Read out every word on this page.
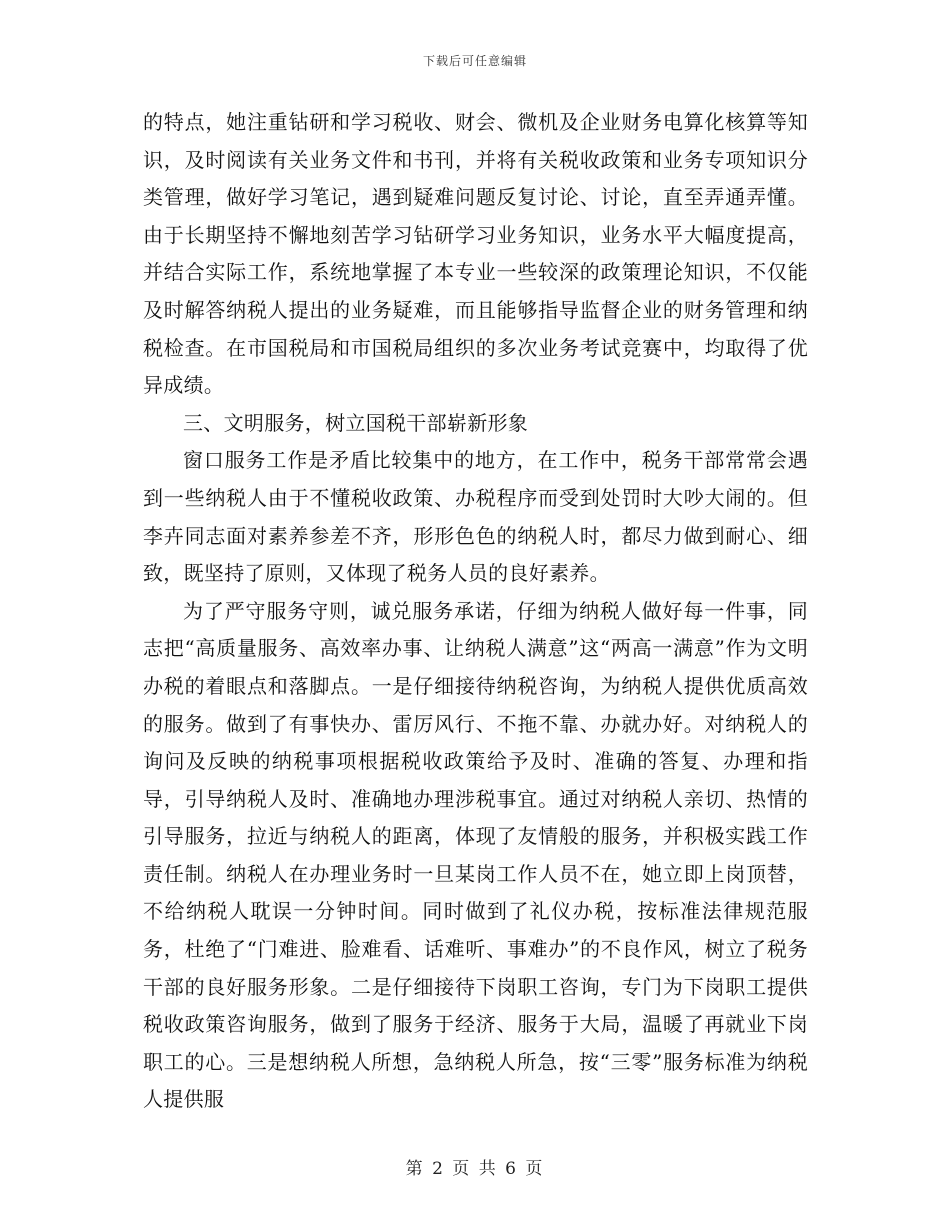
下载后可任意编辑

的特点，她注重钻研和学习税收、财会、微机及企业财务电算化核算等知识，及时阅读有关业务文件和书刊，并将有关税收政策和业务专项知识分类管理，做好学习笔记，遇到疑难问题反复讨论、讨论，直至弄通弄懂。由于长期坚持不懈地刻苦学习钻研学习业务知识，业务水平大幅度提高，并结合实际工作，系统地掌握了本专业一些较深的政策理论知识，不仅能及时解答纳税人提出的业务疑难，而且能够指导监督企业的财务管理和纳税检查。在市国税局和市国税局组织的多次业务考试竞赛中，均取得了优异成绩。

三、文明服务，树立国税干部崭新形象

窗口服务工作是矛盾比较集中的地方，在工作中，税务干部常常会遇到一些纳税人由于不懂税收政策、办税程序而受到处罚时大吵大闹的。但李卉同志面对素养参差不齐，形形色色的纳税人时，都尽力做到耐心、细致，既坚持了原则，又体现了税务人员的良好素养。

为了严守服务守则，诚兑服务承诺，仔细为纳税人做好每一件事，同志把“高质量服务、高效率办事、让纳税人满意”这“两高一满意”作为文明办税的着眼点和落脚点。一是仔细接待纳税咨询，为纳税人提供优质高效的服务。做到了有事快办、雷厉风行、不拖不靠、办就办好。对纳税人的询问及反映的纳税事项根据税收政策给予及时、准确的答复、办理和指导，引导纳税人及时、准确地办理涉税事宜。通过对纳税人亲切、热情的引导服务，拉近与纳税人的距离，体现了友情般的服务，并积极实践工作责任制。纳税人在办理业务时一旦某岗工作人员不在，她立即上岗顶替，不给纳税人耽误一分钟时间。同时做到了礼仪办税，按标准法律规范服务，杜绝了“门难进、脸难看、话难听、事难办”的不良作风，树立了税务干部的良好服务形象。二是仔细接待下岗职工咨询，专门为下岗职工提供税收政策咨询服务，做到了服务于经济、服务于大局，温暖了再就业下岗职工的心。三是想纳税人所想，急纳税人所急，按“三零”服务标准为纳税人提供服

第 2 页 共 6 页
